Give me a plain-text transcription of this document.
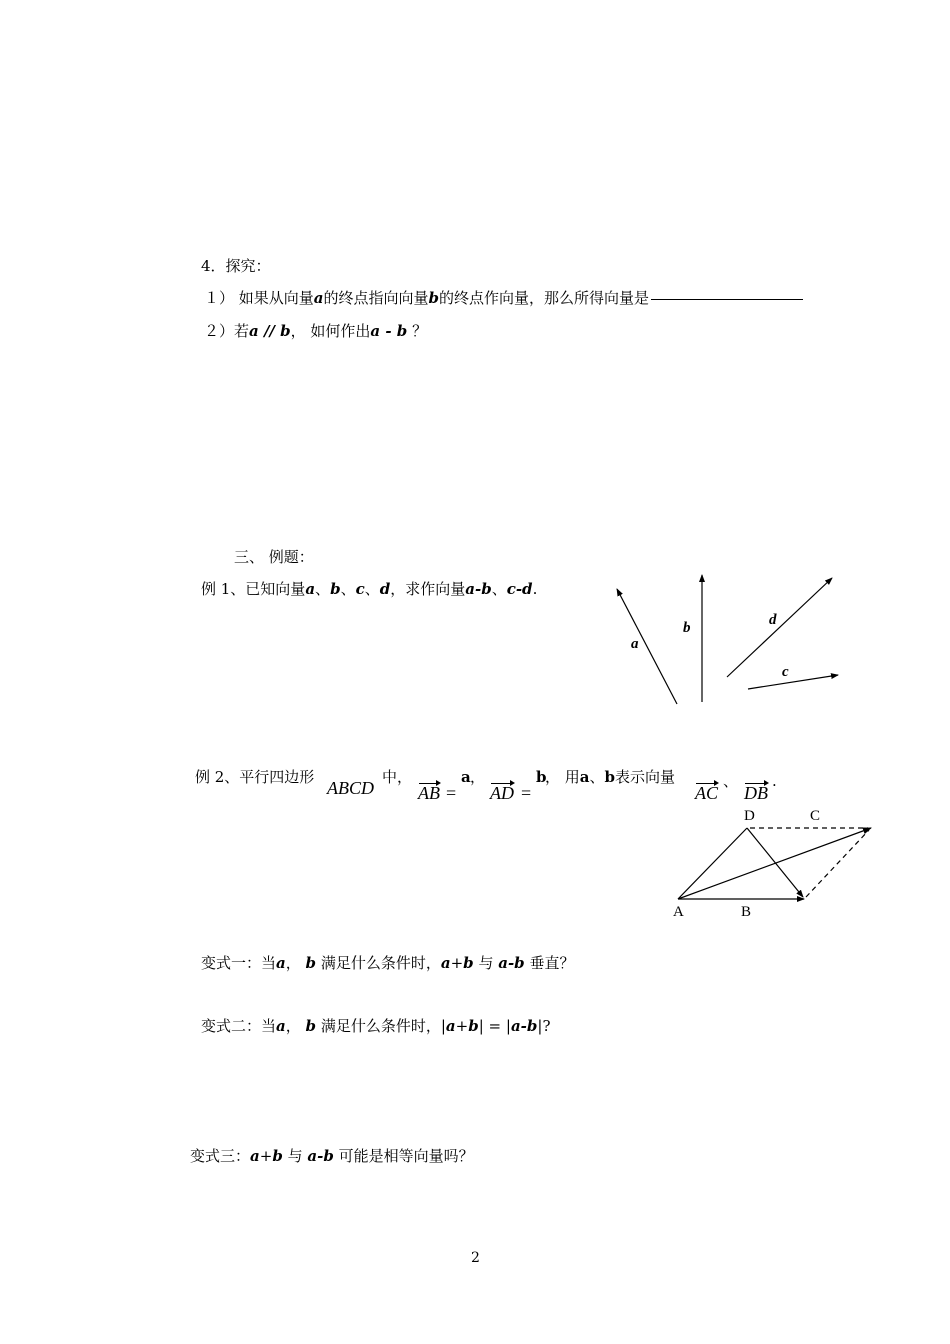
4．探究：
１） 如果从向量a的终点指向向量b的终点作向量，那么所得向量是
２）若a // b， 如何作出a - b ？
三、 例题：
例 1、已知向量a、b、c、d，求作向量a-b、c-d.
a
b	d
c
例 2、平行四边形
ABCD
中，
AB =
a ，
AD =
b
， 用a、b表示向量
AC
、
DB
.
D	C
A	B
变式一：当a， b 满足什么条件时，a+b 与 a-b 垂直？
变式二：当a， b 满足什么条件时，|a+b| = |a-b|?
变式三：a+b 与 a-b 可能是相等向量吗？
2
